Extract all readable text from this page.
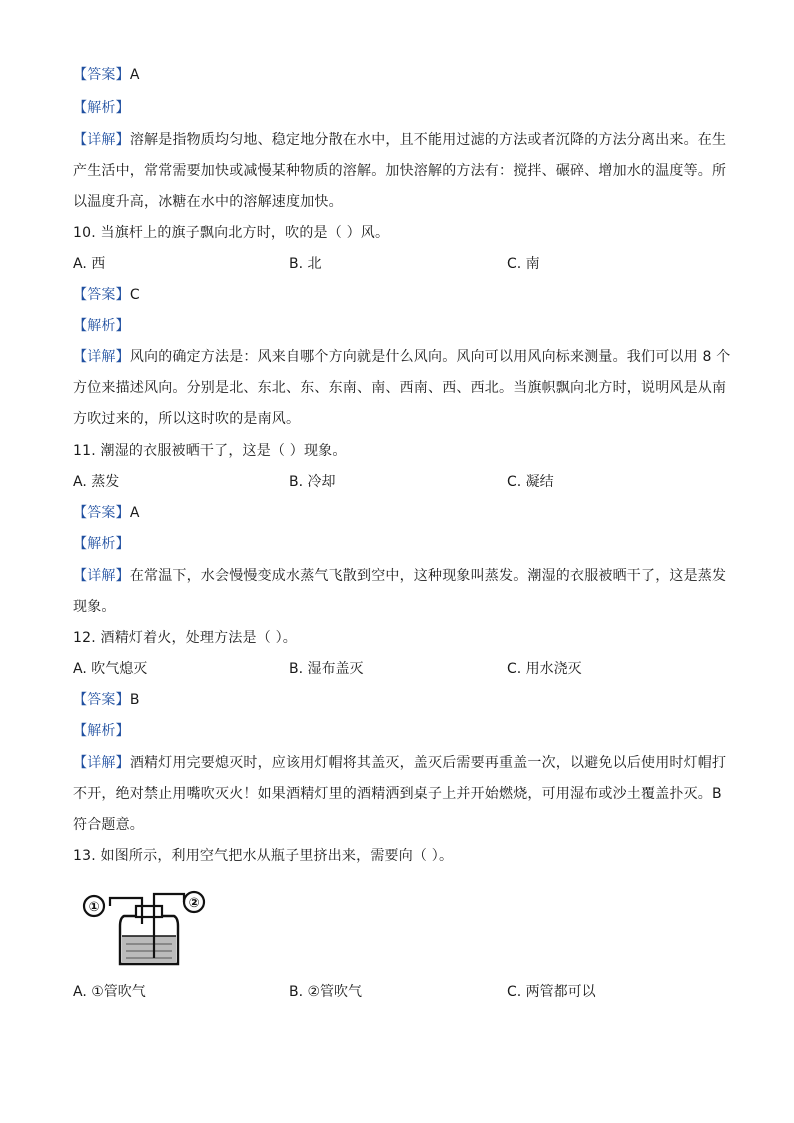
【答案】A
【解析】
【详解】溶解是指物质均匀地、稳定地分散在水中，且不能用过滤的方法或者沉降的方法分离出来。在生
产生活中，常常需要加快或减慢某种物质的溶解。加快溶解的方法有：搅拌、碾碎、增加水的温度等。所
以温度升高，冰糖在水中的溶解速度加快。
10. 当旗杆上的旗子飘向北方时，吹的是（ ）风。
A. 西	B. 北	C. 南
【答案】C
【解析】
【详解】风向的确定方法是：风来自哪个方向就是什么风向。风向可以用风向标来测量。我们可以用 8 个
方位来描述风向。分别是北、东北、东、东南、南、西南、西、西北。当旗帜飘向北方时，说明风是从南
方吹过来的，所以这时吹的是南风。
11. 潮湿的衣服被晒干了，这是（ ）现象。
A. 蒸发	B. 冷却	C. 凝结
【答案】A
【解析】
【详解】在常温下，水会慢慢变成水蒸气飞散到空中，这种现象叫蒸发。潮湿的衣服被晒干了，这是蒸发
现象。
12. 酒精灯着火，处理方法是（ ）。
A. 吹气熄灭	B. 湿布盖灭	C. 用水浇灭
【答案】B
【解析】
【详解】酒精灯用完要熄灭时，应该用灯帽将其盖灭，盖灭后需要再重盖一次，以避免以后使用时灯帽打
不开，绝对禁止用嘴吹灭火！如果酒精灯里的酒精洒到桌子上并开始燃烧，可用湿布或沙土覆盖扑灭。B
符合题意。
13. 如图所示，利用空气把水从瓶子里挤出来，需要向（ ）。
①	②
A. ①管吹气	B. ②管吹气	C. 两管都可以
